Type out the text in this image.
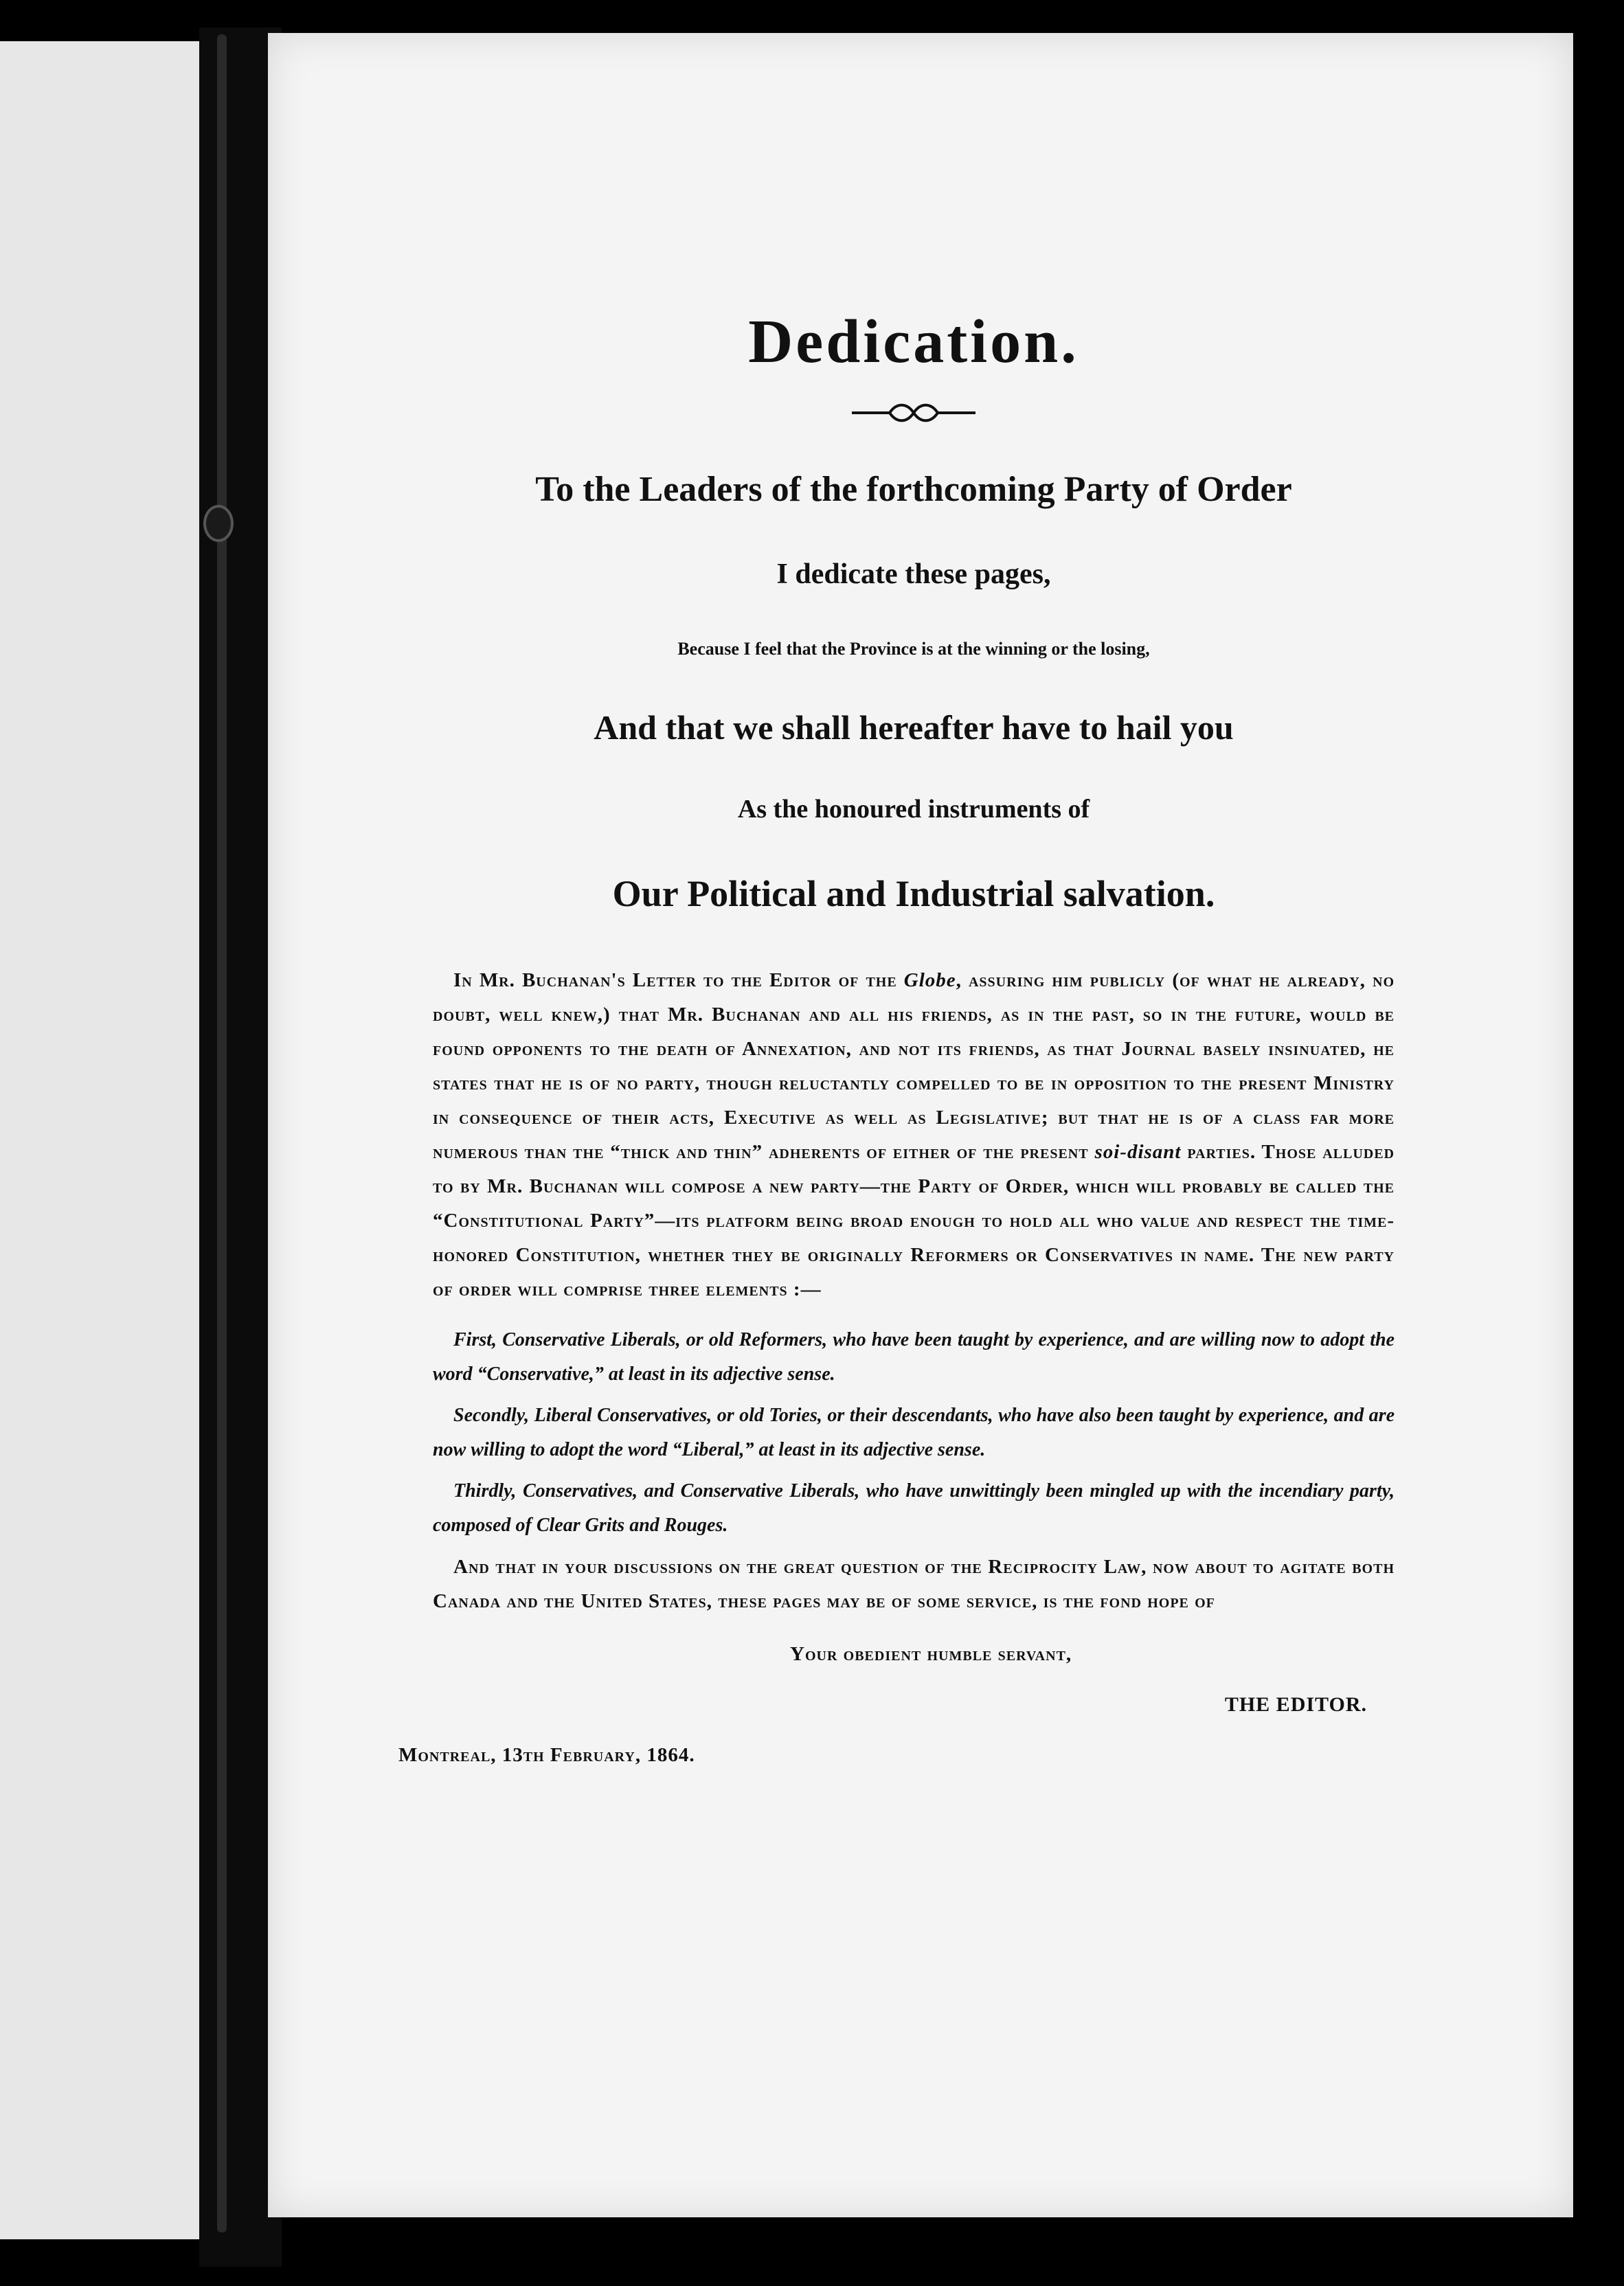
Dedication.

To the Leaders of the forthcoming Party of Order

I dedicate these pages,

Because I feel that the Province is at the winning or the losing,

And that we shall hereafter have to hail you

As the honoured instruments of

Our Political and Industrial salvation.

In Mr. Buchanan's Letter to the Editor of the Globe, assuring him publicly (of what he already, no doubt, well knew,) that Mr. Buchanan and all his friends, as in the past, so in the future, would be found opponents to the death of Annexation, and not its friends, as that Journal basely insinuated, he states that he is of no party, though reluctantly compelled to be in opposition to the present Ministry in consequence of their acts, Executive as well as Legislative; but that he is of a class far more numerous than the “thick and thin” adherents of either of the present soi-disant parties. Those alluded to by Mr. Buchanan will compose a new party—the Party of Order, which will probably be called the “Constitutional Party”—its platform being broad enough to hold all who value and respect the time-honored Constitution, whether they be originally Reformers or Conservatives in name. The new party of order will comprise three elements :—

First, Conservative Liberals, or old Reformers, who have been taught by experience, and are willing now to adopt the word “Conservative,” at least in its adjective sense.

Secondly, Liberal Conservatives, or old Tories, or their descendants, who have also been taught by experience, and are now willing to adopt the word “Liberal,” at least in its adjective sense.

Thirdly, Conservatives, and Conservative Liberals, who have unwittingly been mingled up with the incendiary party, composed of Clear Grits and Rouges.

And that in your discussions on the great question of the Reciprocity Law, now about to agitate both Canada and the United States, these pages may be of some service, is the fond hope of

Your obedient humble servant,
THE EDITOR.
Montreal, 13th February, 1864.
